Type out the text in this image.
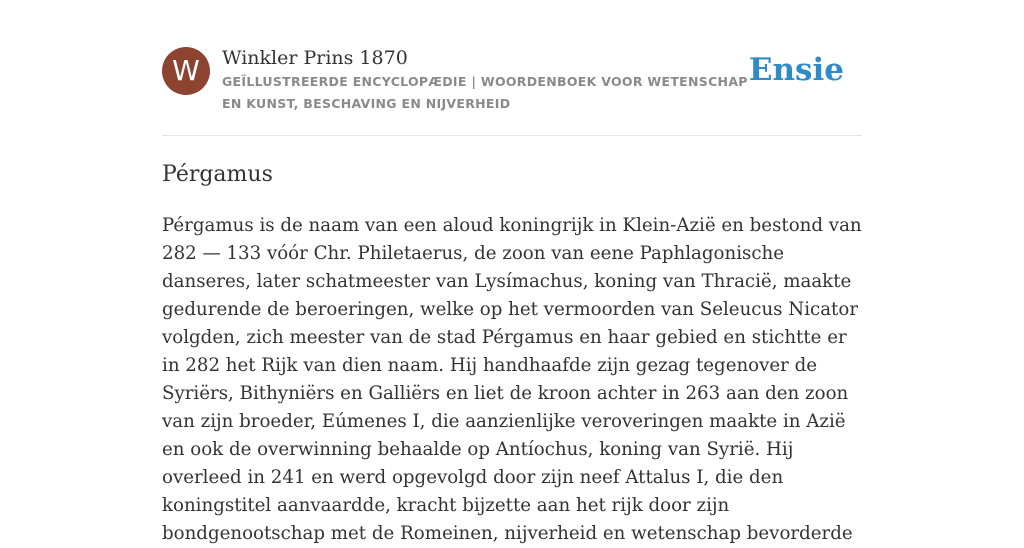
W	Winkler Prins 1870
GEÏLLUSTREERDE ENCYCLOPÆDIE | WOORDENBOEK VOOR WETENSCHAP EN KUNST, BESCHAVING EN NIJVERHEID
Ensie
Pérgamus

Pérgamus is de naam van een aloud koningrijk in Klein-Azië en bestond van 282 — 133 vóór Chr. Philetaerus, de zoon van eene Paphlagonische danseres, later schatmeester van Lysímachus, koning van Thracië, maakte gedurende de beroeringen, welke op het vermoorden van Seleucus Nicator volgden, zich meester van de stad Pérgamus en haar gebied en stichtte er in 282 het Rijk van dien naam. Hij handhaafde zijn gezag tegenover de Syriërs, Bithyniërs en Galliërs en liet de kroon achter in 263 aan den zoon van zijn broeder, Eúmenes I, die aanzienlijke veroveringen maakte in Azië en ook de overwinning behaalde op Antíochus, koning van Syrië. Hij overleed in 241 en werd opgevolgd door zijn neef Attalus I, die den koningstitel aanvaardde, kracht bijzette aan het rijk door zijn bondgenootschap met de Romeinen, nijverheid en wetenschap bevorderde
